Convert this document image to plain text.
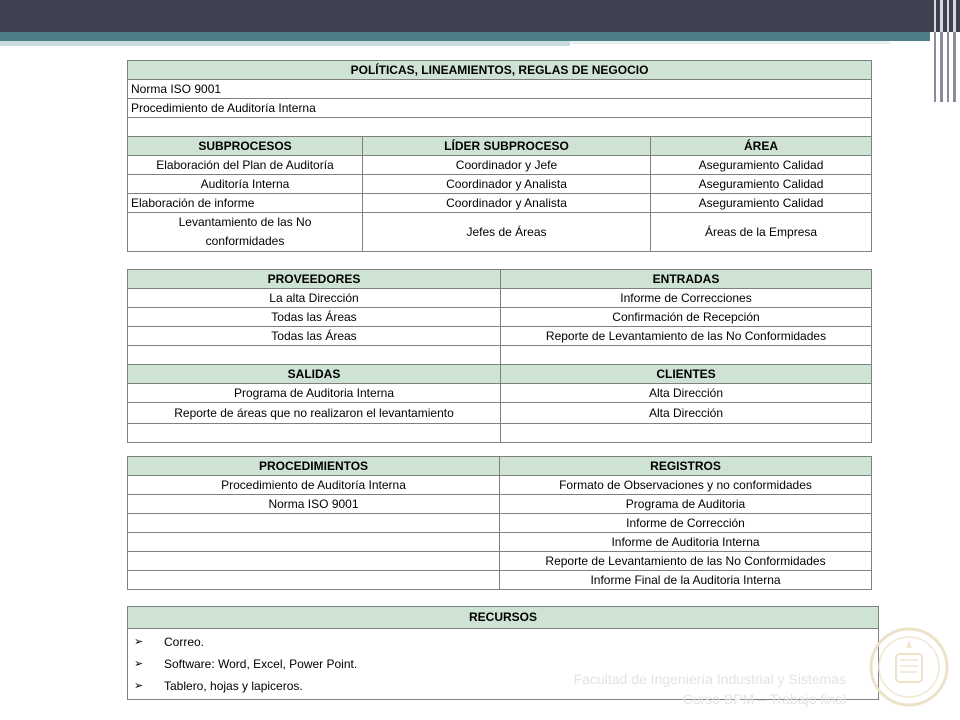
POLÍTICAS, LINEAMIENTOS, REGLAS DE NEGOCIO		
Norma ISO 9001		
Procedimiento de Auditoría Interna		

SUBPROCESOS	LÍDER SUBPROCESO	ÁREA
Elaboración del Plan de Auditoría	Coordinador y Jefe	Aseguramiento Calidad
Auditoría Interna	Coordinador y Analista	Aseguramiento Calidad
Elaboración de informe	Coordinador y Analista	Aseguramiento Calidad
Levantamiento de las No conformidades	Jefes de Áreas	Áreas de la Empresa
PROVEEDORES	ENTRADAS
La alta Dirección	Informe de Correcciones
Todas las Áreas	Confirmación de Recepción
Todas las Áreas	Reporte de Levantamiento de las No Conformidades

SALIDAS	CLIENTES
Programa de Auditoria Interna	Alta Dirección
Reporte de áreas que no realizaron el levantamiento	Alta Dirección

PROCEDIMIENTOS	REGISTROS
Procedimiento de Auditoría Interna	Formato de Observaciones y no conformidades
Norma ISO 9001	Programa de Auditoria
	Informe de Corrección
	Informe de Auditoria Interna
	Reporte de Levantamiento de las No Conformidades
	Informe Final de la Auditoria Interna
RECURSOS

➢	Correo.
➢	Software: Word, Excel, Power Point.
➢	Tablero, hojas y lapiceros.	Facultad de Ingeniería Industrial y Sistemas
Curso BPM – Trabajo final
